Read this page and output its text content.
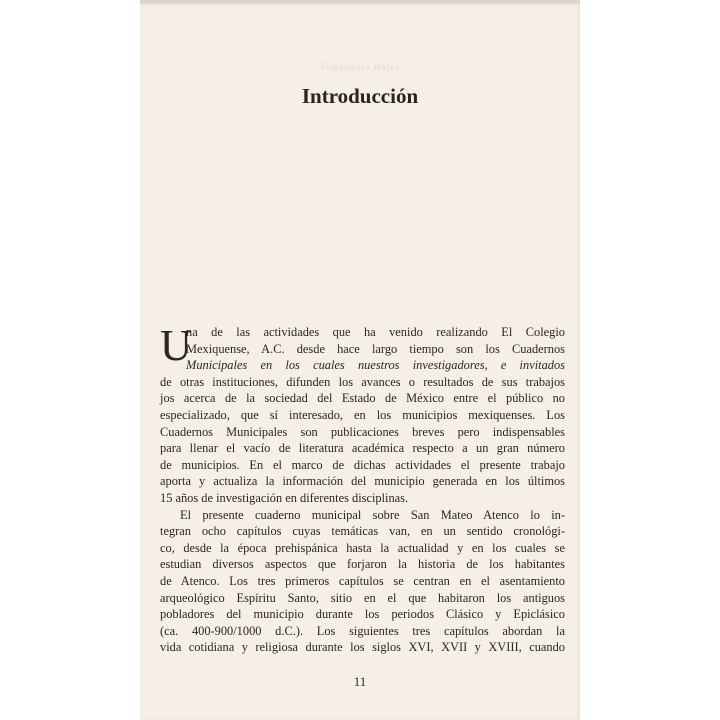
Tomándose Hojas
Introducción
U
na de las actividades que ha venido realizando El Colegio
Mexiquense, A.C. desde hace largo tiempo son los Cuadernos
Municipales en los cuales nuestros investigadores, e invitados
de otras instituciones, difunden los avances o resultados de sus trabajos
jos acerca de la sociedad del Estado de México entre el público no
especializado, que sí interesado, en los municipios mexiquenses. Los
Cuadernos Municipales son publicaciones breves pero indispensables
para llenar el vacío de literatura académica respecto a un gran número
de municipios. En el marco de dichas actividades el presente trabajo
aporta y actualiza la información del municipio generada en los últimos
15 años de investigación en diferentes disciplinas.
El presente cuaderno municipal sobre San Mateo Atenco lo in-
tegran ocho capítulos cuyas temáticas van, en un sentido cronológi-
co, desde la época prehispánica hasta la actualidad y en los cuales se
estudian diversos aspectos que forjaron la historia de los habitantes
de Atenco. Los tres primeros capítulos se centran en el asentamiento
arqueológico Espíritu Santo, sitio en el que habitaron los antiguos
pobladores del municipio durante los periodos Clásico y Epiclásico
(ca. 400-900/1000 d.C.). Los siguientes tres capítulos abordan la
vida cotidiana y religiosa durante los siglos XVI, XVII y XVIII, cuando
11
